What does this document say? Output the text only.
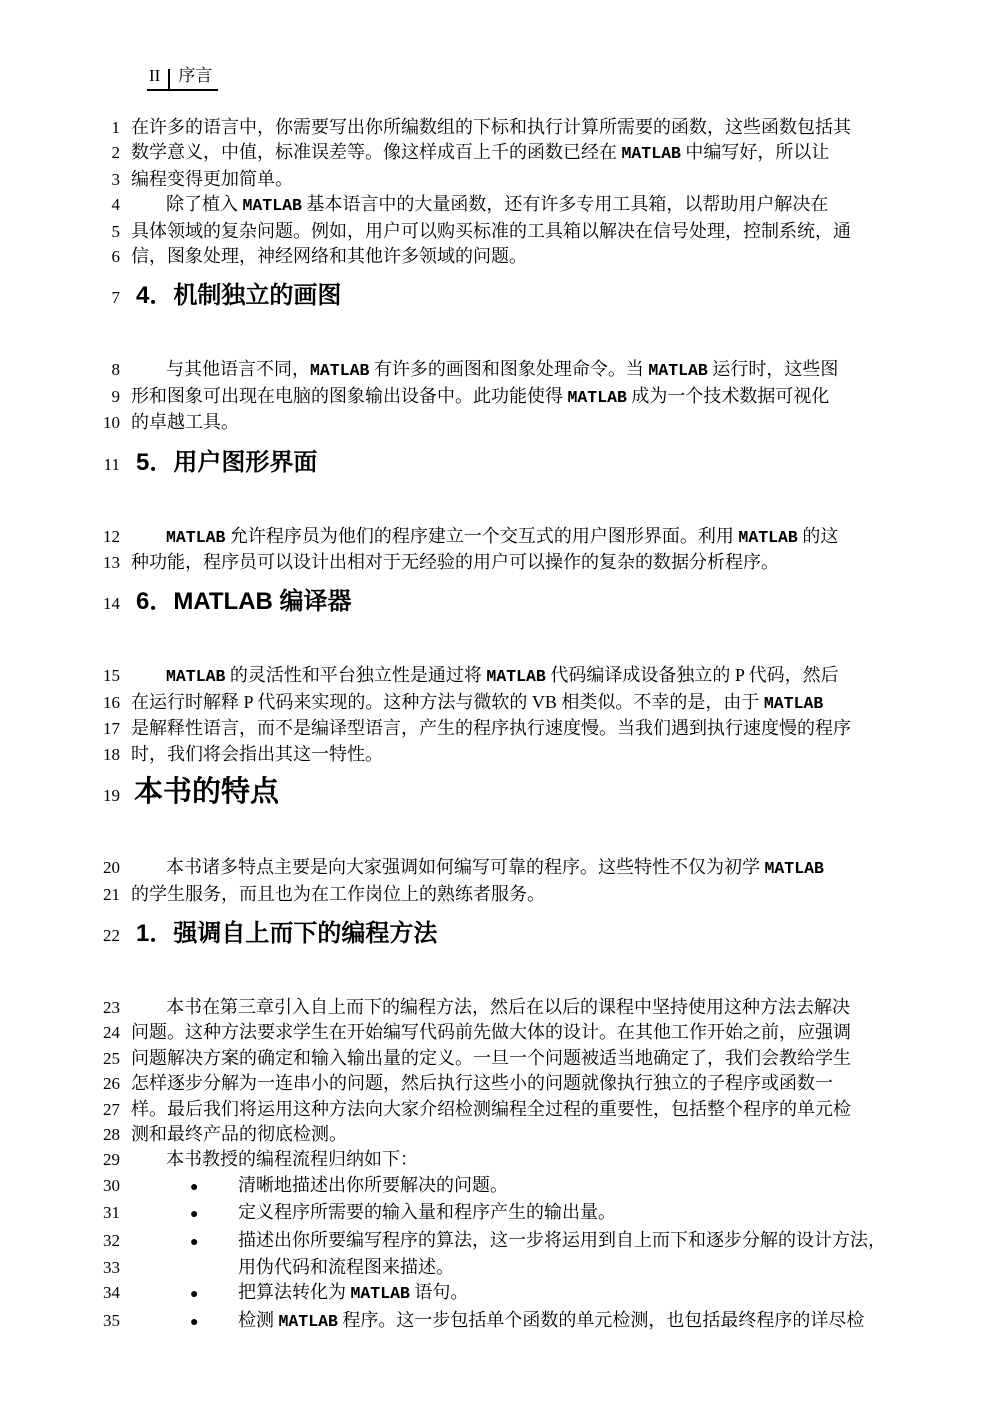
II 序言
1 在许多的语言中，你需要写出你所编数组的下标和执行计算所需要的函数，这些函数包括其
2 数学意义，中值，标准误差等。像这样成百上千的函数已经在 MATLAB 中编写好，所以让
3 编程变得更加简单。
4	除了植入 MATLAB 基本语言中的大量函数，还有许多专用工具箱，以帮助用户解决在
5 具体领域的复杂问题。例如，用户可以购买标准的工具箱以解决在信号处理，控制系统，通
6 信，图象处理，神经网络和其他许多领域的问题。
7 4．机制独立的画图
8	与其他语言不同，MATLAB 有许多的画图和图象处理命令。当 MATLAB 运行时，这些图
9 形和图象可出现在电脑的图象输出设备中。此功能使得 MATLAB 成为一个技术数据可视化
10 的卓越工具。
11 5．用户图形界面
12	MATLAB 允许程序员为他们的程序建立一个交互式的用户图形界面。利用 MATLAB 的这
13 种功能，程序员可以设计出相对于无经验的用户可以操作的复杂的数据分析程序。
14 6．MATLAB 编译器
15	MATLAB 的灵活性和平台独立性是通过将 MATLAB 代码编译成设备独立的 P 代码，然后
16 在运行时解释 P 代码来实现的。这种方法与微软的 VB 相类似。不幸的是，由于 MATLAB
17 是解释性语言，而不是编译型语言，产生的程序执行速度慢。当我们遇到执行速度慢的程序
18 时，我们将会指出其这一特性。
19 本书的特点
20	本书诸多特点主要是向大家强调如何编写可靠的程序。这些特性不仅为初学 MATLAB
21 的学生服务，而且也为在工作岗位上的熟练者服务。
22 1．强调自上而下的编程方法
23	本书在第三章引入自上而下的编程方法，然后在以后的课程中坚持使用这种方法去解决
24 问题。这种方法要求学生在开始编写代码前先做大体的设计。在其他工作开始之前，应强调
25 问题解决方案的确定和输入输出量的定义。一旦一个问题被适当地确定了，我们会教给学生
26 怎样逐步分解为一连串小的问题，然后执行这些小的问题就像执行独立的子程序或函数一
27 样。最后我们将运用这种方法向大家介绍检测编程全过程的重要性，包括整个程序的单元检
28 测和最终产品的彻底检测。
29	本书教授的编程流程归纳如下：
30	● 清晰地描述出你所要解决的问题。
31	● 定义程序所需要的输入量和程序产生的输出量。
32	● 描述出你所要编写程序的算法，这一步将运用到自上而下和逐步分解的设计方法，
33	用伪代码和流程图来描述。
34	● 把算法转化为 MATLAB 语句。
35	● 检测 MATLAB 程序。这一步包括单个函数的单元检测，也包括最终程序的详尽检
